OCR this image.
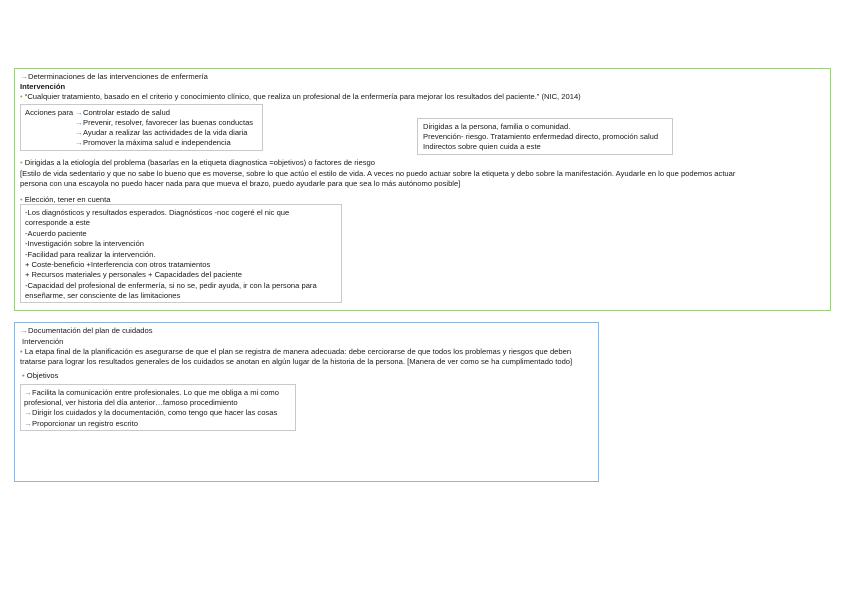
→Determinaciones de las intervenciones de enfermería
Intervención
• “Cualquier tratamiento, basado en el criterio y conocimiento clínico, que realiza un profesional de la enfermería para mejorar los resultados del paciente.” (NIC, 2014)
Acciones para →Controlar estado de salud
→Prevenir, resolver, favorecer las buenas conductas
→Ayudar a realizar las actividades de la vida diaria
→Promover la máxima salud e independencia
Dirigidas a la persona, familia o comunidad.
Prevención- riesgo. Tratamiento enfermedad directo, promoción salud
Indirectos sobre quien cuida a este
• Dirigidas a la etiología del problema (basarlas en la etiqueta diagnostica =objetivos) o factores de riesgo
[Estilo de vida sedentario y que no sabe lo bueno que es moverse, sobre lo que actúo el estilo de vida. A veces no puedo actuar sobre la etiqueta y debo sobre la manifestación. Ayudarle en lo que podemos actuar
persona con una escayola no puedo hacer nada para que mueva el brazo, puedo ayudarle para que sea lo más autónomo posible]
• Elección, tener en cuenta
-Los diagnósticos y resultados esperados. Diagnósticos -noc cogeré el nic que
corresponde a este
-Acuerdo paciente
-Investigación sobre la intervención
-Facilidad para realizar la intervención.
+ Coste-beneficio +Interferencia con otros tratamientos
+ Recursos materiales y personales + Capacidades del paciente
-Capacidad del profesional de enfermería, si no se, pedir ayuda, ir con la persona para
enseñarme, ser consciente de las limitaciones
→Documentación del plan de cuidados
Intervención
• La etapa final de la planificación es asegurarse de que el plan se registra de manera adecuada: debe cerciorarse de que todos los problemas y riesgos que deben
tratarse para lograr los resultados generales de los cuidados se anotan en algún lugar de la historia de la persona. [Manera de ver como se ha cumplimentado todo]
• Objetivos
→Facilita la comunicación entre profesionales. Lo que me obliga a mi como
profesional, ver historia del día anterior…famoso procedimiento
→Dirigir los cuidados y la documentación, como tengo que hacer las cosas
→Proporcionar un registro escrito
